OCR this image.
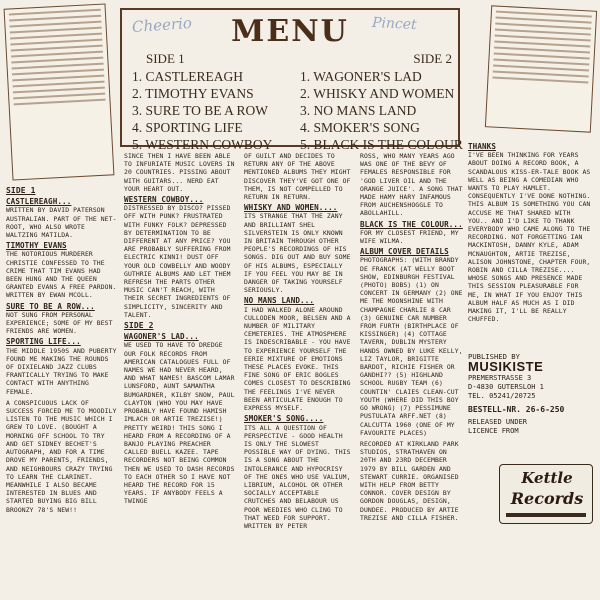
MENU
SIDE 1
1. CASTLEREAGH
2. TIMOTHY EVANS
3. SURE TO BE A ROW
4. SPORTING LIFE
5. WESTERN COWBOY
SIDE 2
1. WAGONER'S LAD
2. WHISKY AND WOMEN
3. NO MANS LAND
4. SMOKER'S SONG
5. BLACK IS THE COLOUR
Cheerio	Pincet
SIDE 1
CASTLEREAGH...

WRITTEN BY DAVID PATERSON AUSTRALIAN. PART OF THE NET-ROOT, WHO ALSO WROTE WALTZING MATILDA.

TIMOTHY EVANS

THE NOTORIOUS MURDERER CHRISTIE CONFESSED TO THE CRIME THAT TIM EVANS HAD BEEN HUNG AND THE QUEEN GRANTED EVANS A FREE PARDON. WRITTEN BY EWAN MCOLL.

SURE TO BE A ROW...

NOT SUNG FROM PERSONAL EXPERIENCE; SOME OF MY BEST FRIENDS ARE WOMEN.

SPORTING LIFE...

THE MIDDLE 1950S AND PUBERTY FOUND ME MAKING THE ROUNDS OF DIXIELAND JAZZ CLUBS FRANTICALLY TRYING TO MAKE CONTACT WITH ANYTHING FEMALE.

A CONSPICUOUS LACK OF SUCCESS FORCED ME TO MOODILY LISTEN TO THE MUSIC WHICH I GREW TO LOVE. (BOUGHT A MORNING OFF SCHOOL TO TRY AND GET SIDNEY BECHET'S AUTOGRAPH, AND FOR A TIME DROVE MY PARENTS, FRIENDS, AND NEIGHBOURS CRAZY TRYING TO LEARN THE CLARINET. MEANWHILE I ALSO BECAME INTERESTED IN BLUES AND STARTED BUYING BIG BILL BROONZY 78'S NEW!!

SINCE THEN I HAVE BEEN ABLE TO INFURIATE MUSIC LOVERS IN 20 COUNTRIES. PISSING ABOUT WITH GUITARS... NERD EAT YOUR HEART OUT.

WESTERN COWBOY...

DISTRESSED BY DISCO? PISSED OFF WITH PUNK? FRUSTRATED WITH FUNKY FOLK? DEPRESSED BY DETERMINATION TO BE DIFFERENT AT ANY PRICE? YOU ARE PROBABLY SUFFERING FROM ELECTRIC KINNI! DUST OFF YOUR OLD COWBELLY AND WOODY GUTHRIE ALBUMS AND LET THEM REFRESH THE PARTS OTHER MUSIC CAN'T REACH, WITH THEIR SECRET INGREDIENTS OF SIMPLICITY, SINCERITY AND TALENT.

SIDE 2
WAGONER'S LAD...

WE USED TO HAVE TO DREDGE OUR FOLK RECORDS FROM AMERICAN CATALOGUES FULL OF NAMES WE HAD NEVER HEARD, AND WHAT NAMES! BASCOM LAMAR LUNSFORD, AUNT SAMANTHA BUMGARDNER, KILBY SNOW, PAUL CLAYTON (WHO YOU MAY HAVE PROBABLY HAVE FOUND HAMISH IMLACH OR ARTIE TREZISE!) PRETTY WEIRD! THIS SONG I HEARD FROM A RECORDING OF A BANJO PLAYING PREACHER CALLED BUELL KAZEE. TAPE RECORDERS NOT BEING COMMON THEN WE USED TO DASH RECORDS TO EACH OTHER SO I HAVE NOT HEARD THE RECORD FOR 15 YEARS. IF ANYBODY FEELS A TWINGE

OF GUILT AND DECIDES TO RETURN ANY OF THE ABOVE MENTIONED ALBUMS THEY MIGHT DISCOVER THEY'VE GOT ONE OF THEM, IS NOT COMPELLED TO RETURN IN RETURN.

WHISKY AND WOMEN....

ITS STRANGE THAT THE ZANY AND BRILLIANT SHEL SILVERSTEIN IS ONLY KNOWN IN BRITAIN THROUGH OTHER PEOPLE'S RECORDINGS OF HIS SONGS. DIG OUT AND BUY SOME OF HIS ALBUMS, ESPECIALLY IF YOU FEEL YOU MAY BE IN DANGER OF TAKING YOURSELF SERIOUSLY.

NO MANS LAND...

I HAD WALKED ALONE AROUND CULLODEN MOOR, BELSEN AND A NUMBER OF MILITARY CEMETERIES. THE ATMOSPHERE IS INDESCRIBABLE - YOU HAVE TO EXPERIENCE YOURSELF THE EERIE MIXTURE OF EMOTIONS THESE PLACES EVOKE. THIS FINE SONG OF ERIC BOGLES COMES CLOSEST TO DESCRIBING THE FEELINGS I'VE NEVER BEEN ARTICULATE ENOUGH TO EXPRESS MYSELF.

SMOKER'S SONG....

ITS ALL A QUESTION OF PERSPECTIVE - GOOD HEALTH IS ONLY THE SLOWEST POSSIBLE WAY OF DYING. THIS IS A SONG ABOUT THE INTOLERANCE AND HYPOCRISY OF THE ONES WHO USE VALIUM, LIBRIUM, ALCOHOL OR OTHER SOCIALLY ACCEPTABLE CRUTCHES AND BELABOUR US POOR WEEDIES WHO CLING TO THAT WEED FOR SUPPORT. WRITTEN BY PETER

ROSS, WHO MANY YEARS AGO WAS ONE OF THE BEVY OF FEMALES RESPONSIBLE FOR 'GOD LIVER OIL AND THE ORANGE JUICE'. A SONG THAT MADE HAMY HARY INFAMOUS FROM AUCHENSHOGGLE TO ABOLLAHILL.

BLACK IS THE COLOUR...

FOR MY CLOSEST FRIEND, MY WIFE WILMA.

ALBUM COVER DETAILS

PHOTOGRAPHS: (WITH BRANDY DE FRANCK (AT WELLY BOOT SHOW, EDINBURGH FESTIVAL (PHOTO) BOBS) (1) ON CONCERT IN GERMANY (2) ONE ME THE MOONSHINE WITH CHAMPAGNE CHARLIE 8 CAR (3) GENUINE CAR NUMBER FROM FURTH (BIRTHPLACE OF KISSINGER) (4) COTTAGE TAVERN, DUBLIN MYSTERY HANDS OWNED BY LUKE KELLY, LIZ TAYLOR, BRIGITTE BARDOT, RICHIE FISHER OR GANDHI?? (5) HIGHLAND SCHOOL RUGBY TEAM (6) COUNTIN' CLAIES CLEAN-CUT YOUTH (WHERE DID THIS BOY GO WRONG) (7) PESSIMUNE PUSTULATA ARFF.NET (8) CALCUTTA 1960 (ONE OF MY FAVOURITE PLACES)

RECORDED AT KIRKLAND PARK STUDIOS, STRATHAVEN ON 20TH AND 23RD DECEMBER 1979 BY BILL GARDEN AND STEWART CURRIE. ORGANISED WITH HELP FROM BETTY CONNOR. COVER DESIGN BY GORDON DOUGLAS, DESIGN, DUNDEE. PRODUCED BY ARTIE TREZISE AND CILLA FISHER.

THANKS

I'VE BEEN THINKING FOR YEARS ABOUT DOING A RECORD BOOK, A SCANDALOUS KISS-ER-TALE BOOK AS WELL AS BEING A COMEDIAN WHO WANTS TO PLAY HAMLET. CONSEQUENTLY I'VE DONE NOTHING. THIS ALBUM IS SOMETHING YOU CAN ACCUSE ME THAT SHARED WITH YOU.. AND I'D LIKE TO THANK EVERYBODY WHO CAME ALONG TO THE RECORDING. NOT FORGETTING IAN MACKINTOSH, DANNY KYLE, ADAM MCNAUGHTON, ARTIE TREZISE, ALISON JOHNSTONE, CHAPTER FOUR, ROBIN AND CILLA TREZISE.... WHOSE SONGS AND PRESENCE MADE THIS SESSION PLEASURABLE FOR ME, IN WHAT IF YOU ENJOY THIS ALBUM HALF AS MUCH AS I DID MAKING IT, I'LL BE REALLY CHUFFED.

PUBLISHED BY
MUSIKISTE
PREMERSTRASSE 3
D-4830 GUTERSLOH 1
TEL. 05241/20725
BESTELL-NR. 26-6-250
RELEASED UNDER LICENCE FROM
Kettle
Records
